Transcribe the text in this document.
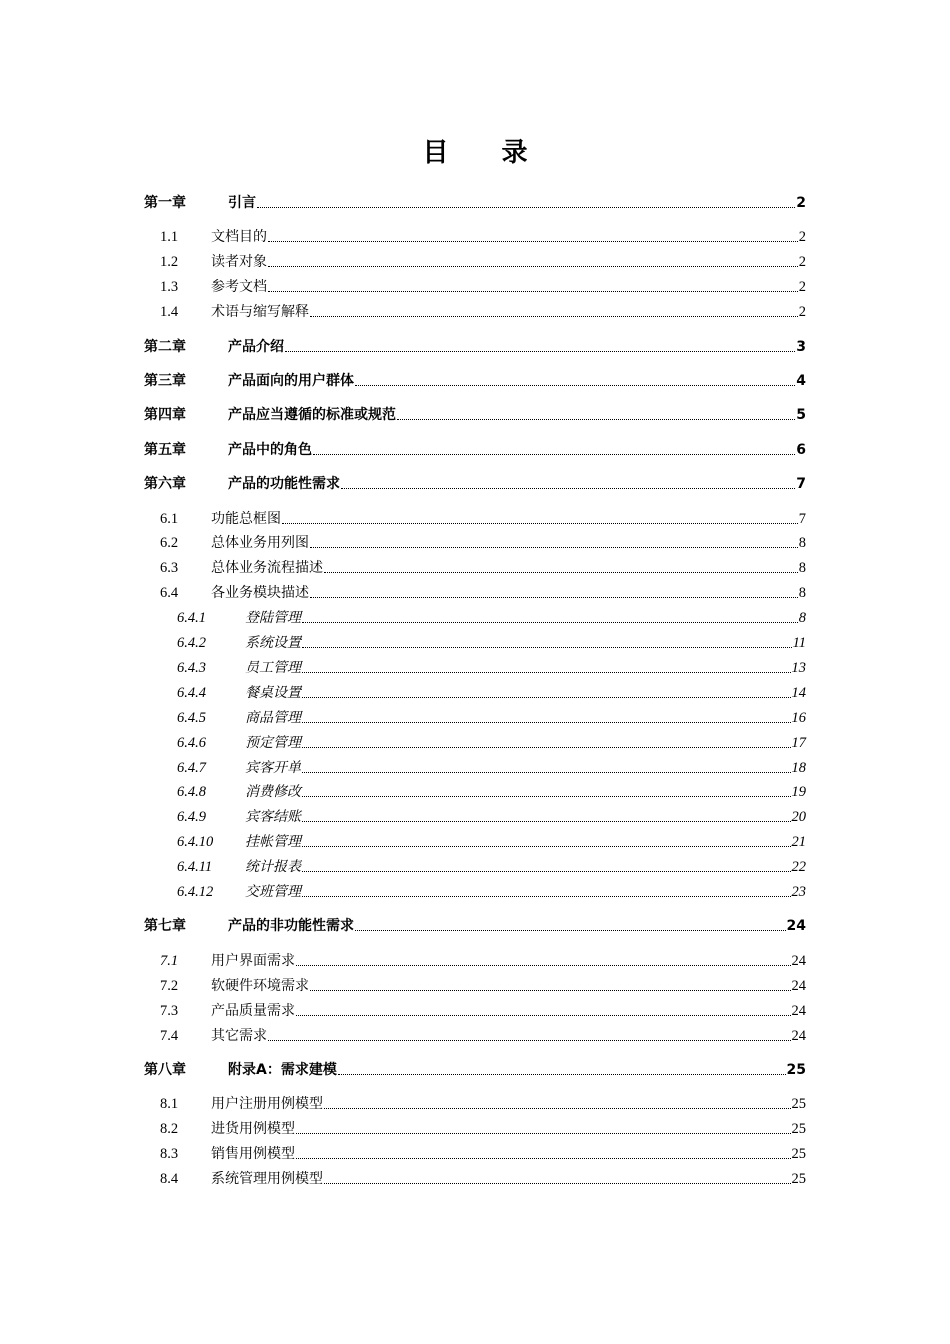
目 录
第一章	引言	2
1.1 文档目的	2
1.2 读者对象	2
1.3 参考文档	2
1.4 术语与缩写解释	2
第二章	产品介绍	3
第三章	产品面向的用户群体	4
第四章	产品应当遵循的标准或规范	5
第五章	产品中的角色	6
第六章	产品的功能性需求	7
6.1 功能总框图	7
6.2 总体业务用列图	8
6.3 总体业务流程描述	8
6.4 各业务模块描述	8
6.4.1	登陆管理	8
6.4.2	系统设置	11
6.4.3	员工管理	13
6.4.4	餐桌设置	14
6.4.5	商品管理	16
6.4.6	预定管理	17
6.4.7	宾客开单	18
6.4.8	消费修改	19
6.4.9	宾客结账	20
6.4.10 挂帐管理	21
6.4.11 统计报表	22
6.4.12 交班管理	23
第七章	产品的非功能性需求	24
7.1 用户界面需求	24
7.2 软硬件环境需求	24
7.3 产品质量需求	24
7.4 其它需求	24
第八章	附录A：需求建模	25
8.1 用户注册用例模型	25
8.2 进货用例模型	25
8.3 销售用例模型	25
8.4 系统管理用例模型	25
